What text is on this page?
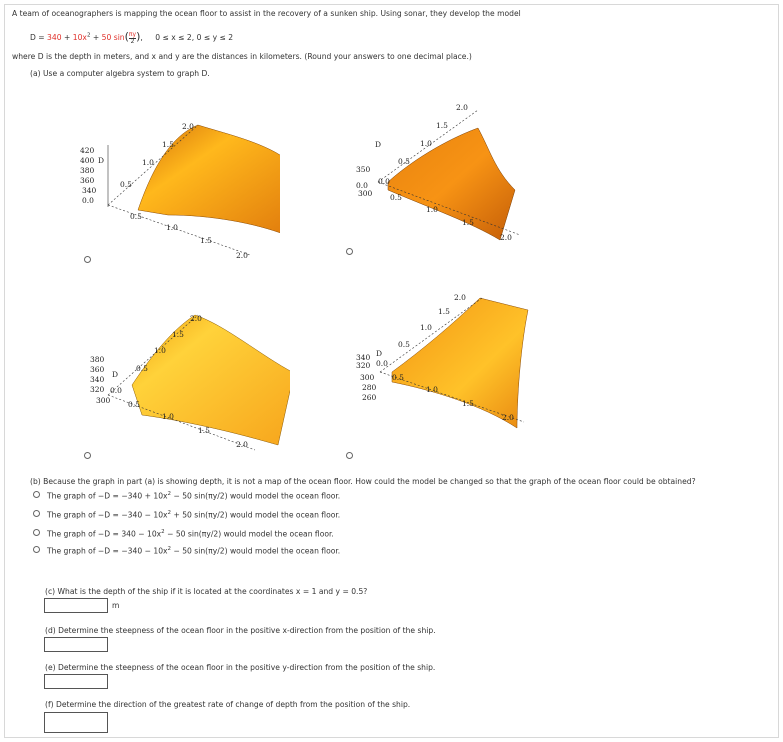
A team of oceanographers is mapping the ocean floor to assist in the recovery of a sunken ship. Using sonar, they develop the model
$D = 340 + 10x^2 + 50$ $\sin( \frac{\pi y}{2}$ ), 0 ≤ x ≤ 2, 0 ≤ y ≤ 2
where D is the depth in meters, and x and y are the distances in kilometers. (Round your answers to one decimal place.)
(a) Use a computer algebra system to graph D.
420
400 D
380
360
340
0.0
0.5
1.0
1.5
2.0
0.5
1.0
1.5
2.0
D
350
0.0
300
0.0
0.5
1.0
1.5
2.0
0.5
1.0
1.5
2.0
380
360
D
340
320
300
0.0
0.5
1.0
1.5
2.0
0.5
1.0
1.5
2.0
340 D
320
300
280
260
0.0
0.5
1.0
1.5
2.0
0.5
1.0
1.5
2.0
(b) Because the graph in part (a) is showing depth, it is not a map of the ocean floor. How could the model be changed so that the graph of the ocean floor could be obtained?
The graph of $-D = -340 + 10x^2 - 50$ sin(πy/2) would model the ocean floor.
The graph of $-D = -340 - 10x^2 + 50$ sin(πy/2) would model the ocean floor.
The graph of $-D = 340 - 10x^2 - 50$ sin(πy/2) would model the ocean floor.
The graph of $-D = -340 - 10x^2 - 50$ sin(πy/2) would model the ocean floor.
(c) What is the depth of the ship if it is located at the coordinates x = 1 and y = 0.5?
m
(d) Determine the steepness of the ocean floor in the positive x-direction from the position of the ship.
(e) Determine the steepness of the ocean floor in the positive y-direction from the position of the ship.
(f) Determine the direction of the greatest rate of change of depth from the position of the ship.
